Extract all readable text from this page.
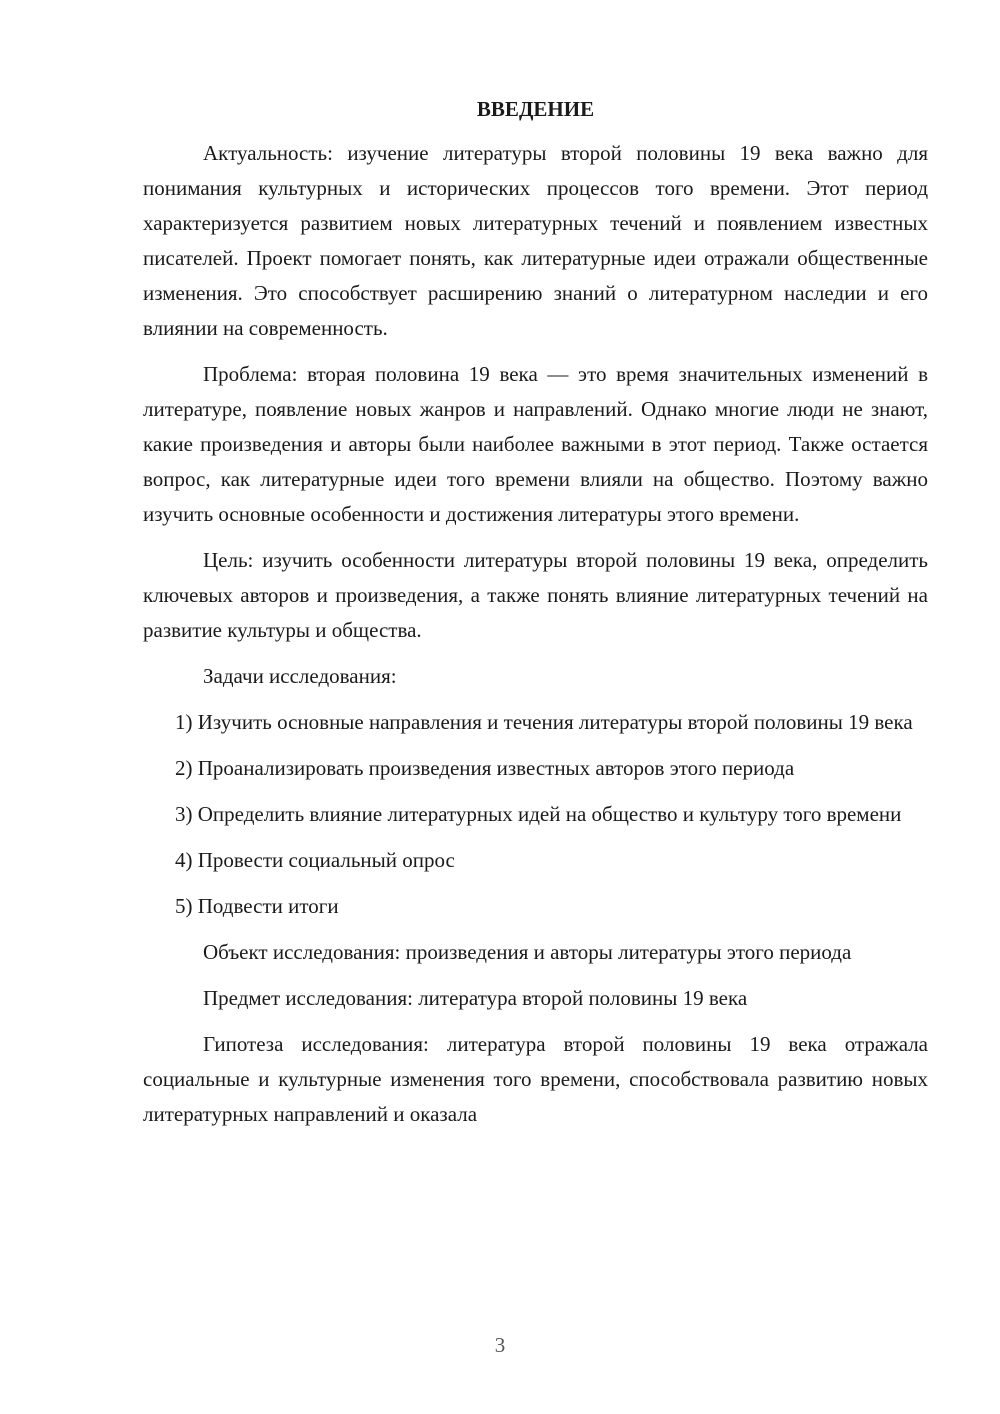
ВВЕДЕНИЕ

Актуальность: изучение литературы второй половины 19 века важно для понимания культурных и исторических процессов того времени. Этот период характеризуется развитием новых литературных течений и появлением известных писателей. Проект помогает понять, как литературные идеи отражали общественные изменения. Это способствует расширению знаний о литературном наследии и его влиянии на современность.

Проблема: вторая половина 19 века — это время значительных изменений в литературе, появление новых жанров и направлений. Однако многие люди не знают, какие произведения и авторы были наиболее важными в этот период. Также остается вопрос, как литературные идеи того времени влияли на общество. Поэтому важно изучить основные особенности и достижения литературы этого времени.

Цель: изучить особенности литературы второй половины 19 века, определить ключевых авторов и произведения, а также понять влияние литературных течений на развитие культуры и общества.

Задачи исследования:

1) Изучить основные направления и течения литературы второй половины 19 века

2) Проанализировать произведения известных авторов этого периода

3) Определить влияние литературных идей на общество и культуру того времени

4) Провести социальный опрос

5) Подвести итоги

Объект исследования: произведения и авторы литературы этого периода

Предмет исследования: литература второй половины 19 века

Гипотеза исследования: литература второй половины 19 века отражала социальные и культурные изменения того времени, способствовала развитию новых литературных направлений и оказала

3
